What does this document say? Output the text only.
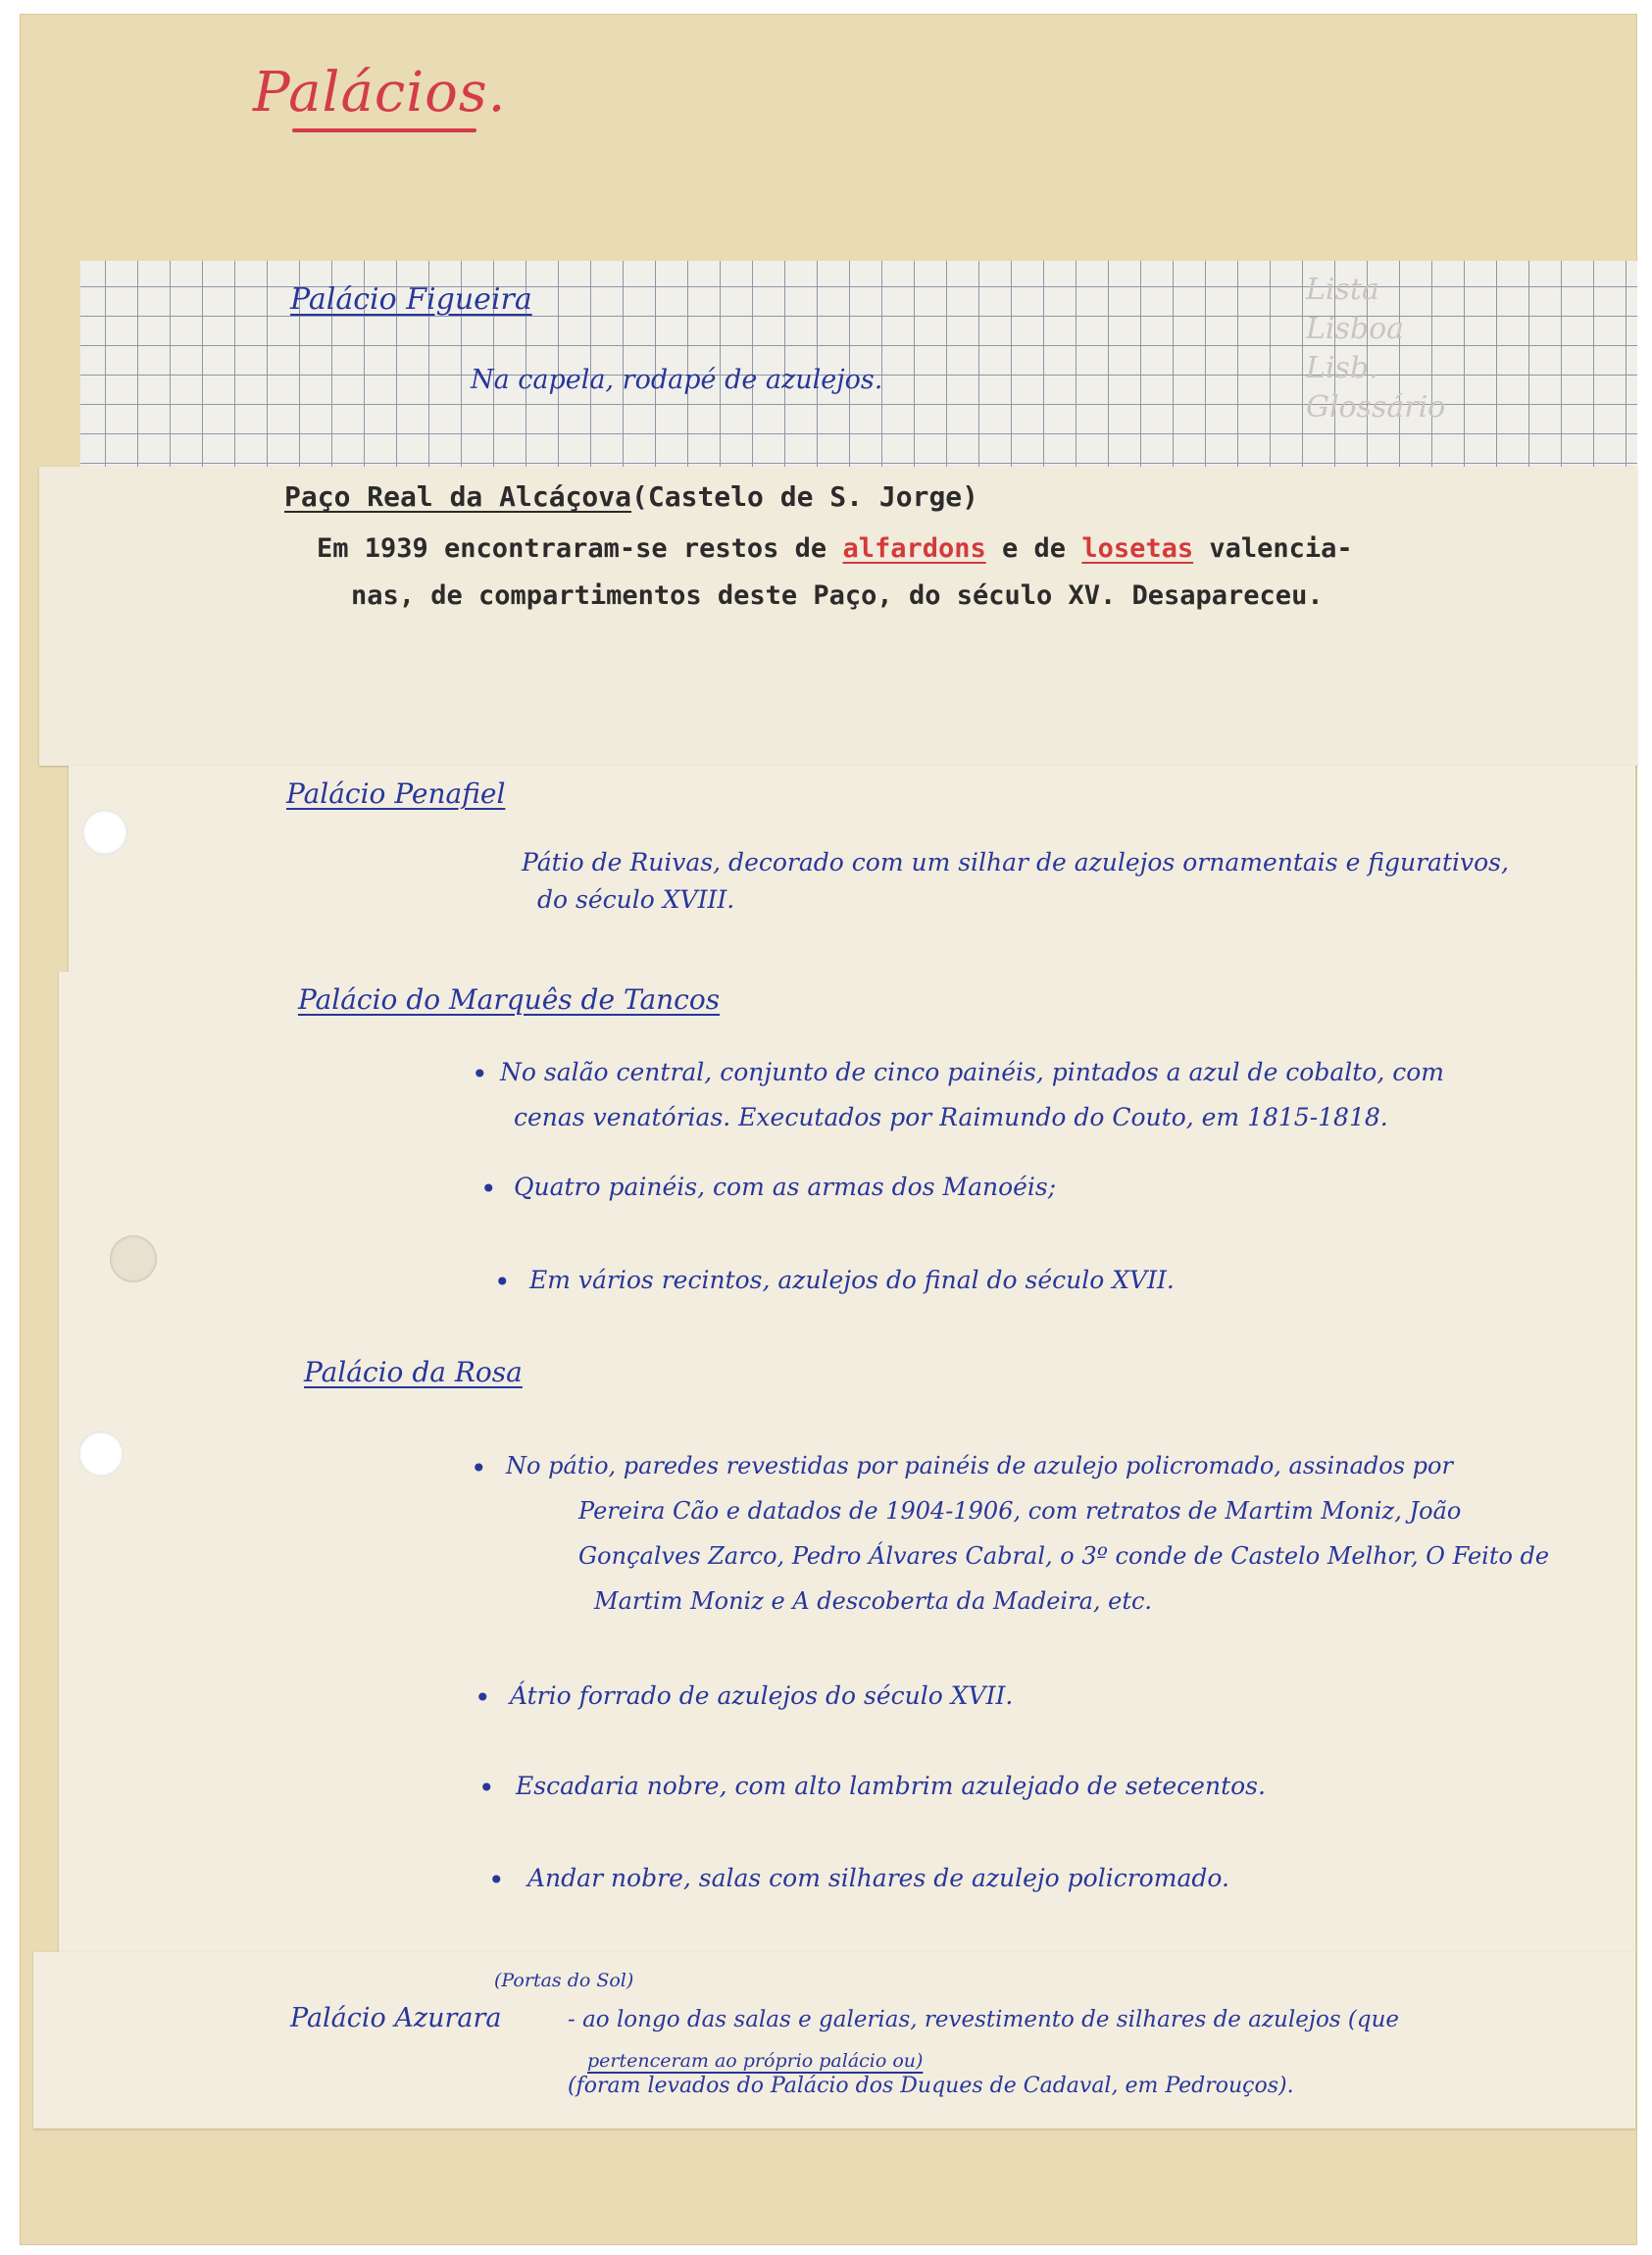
Palácios.
Lista
Lisboa
Lisb.
Glossário
Palácio Figueira
Na capela, rodapé de azulejos.
Paço Real da Alcáçova(Castelo de S. Jorge)
Em 1939 encontraram-se restos de alfardons e de losetas valencia-
nas, de compartimentos deste Paço, do século XV. Desapareceu.
Palácio Penafiel
Pátio de Ruivas, decorado com um silhar de azulejos ornamentais e figurativos,
do século XVIII.
Palácio do Marquês de Tancos
• No salão central, conjunto de cinco painéis, pintados a azul de cobalto, com
cenas venatórias. Executados por Raimundo do Couto, em 1815-1818.
• Quatro painéis, com as armas dos Manoéis;
• Em vários recintos, azulejos do final do século XVII.
Palácio da Rosa
• No pátio, paredes revestidas por painéis de azulejo policromado, assinados por
Pereira Cão e datados de 1904-1906, com retratos de Martim Moniz, João
Gonçalves Zarco, Pedro Álvares Cabral, o 3º conde de Castelo Melhor, O Feito de
Martim Moniz e A descoberta da Madeira, etc.
• Átrio forrado de azulejos do século XVII.
• Escadaria nobre, com alto lambrim azulejado de setecentos.
• Andar nobre, salas com silhares de azulejo policromado.
(Portas do Sol)
Palácio Azurara	- ao longo das salas e galerias, revestimento de silhares de azulejos (que
pertenceram ao próprio palácio ou)
(foram levados do Palácio dos Duques de Cadaval, em Pedrouços).
